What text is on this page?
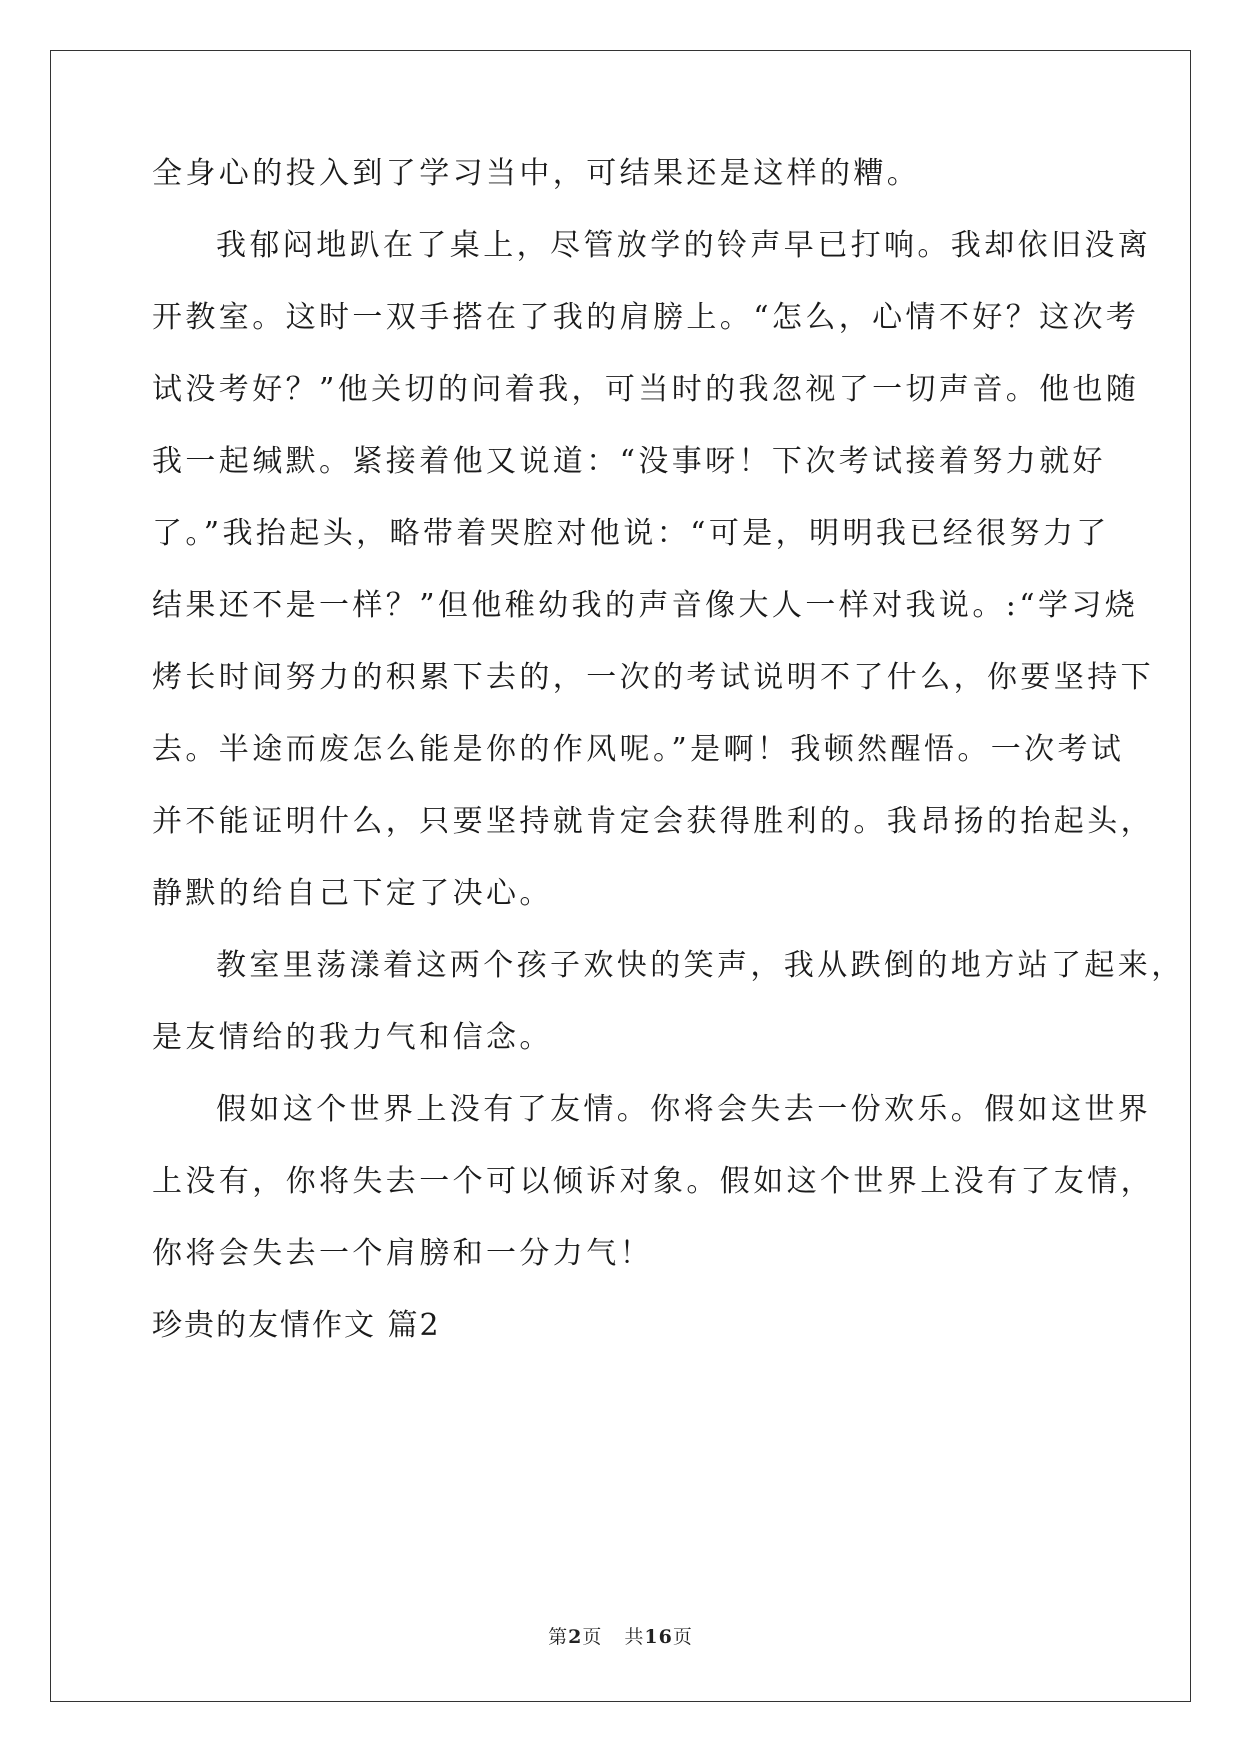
全身心的投入到了学习当中，可结果还是这样的糟。
我郁闷地趴在了桌上，尽管放学的铃声早已打响。我却依旧没离
开教室。这时一双手搭在了我的肩膀上。“怎么，心情不好？这次考
试没考好？”他关切的问着我，可当时的我忽视了一切声音。他也随
我一起缄默。紧接着他又说道：“没事呀！下次考试接着努力就好
了。”我抬起头，略带着哭腔对他说：“可是，明明我已经很努力了
结果还不是一样？”但他稚幼我的声音像大人一样对我说。:“学习烧
烤长时间努力的积累下去的，一次的考试说明不了什么，你要坚持下
去。半途而废怎么能是你的作风呢。”是啊！我顿然醒悟。一次考试
并不能证明什么，只要坚持就肯定会获得胜利的。我昂扬的抬起头，
静默的给自己下定了决心。
教室里荡漾着这两个孩子欢快的笑声，我从跌倒的地方站了起来，
是友情给的我力气和信念。
假如这个世界上没有了友情。你将会失去一份欢乐。假如这世界
上没有，你将失去一个可以倾诉对象。假如这个世界上没有了友情，
你将会失去一个肩膀和一分力气！
珍贵的友情作文 篇2
第2页 共16页
